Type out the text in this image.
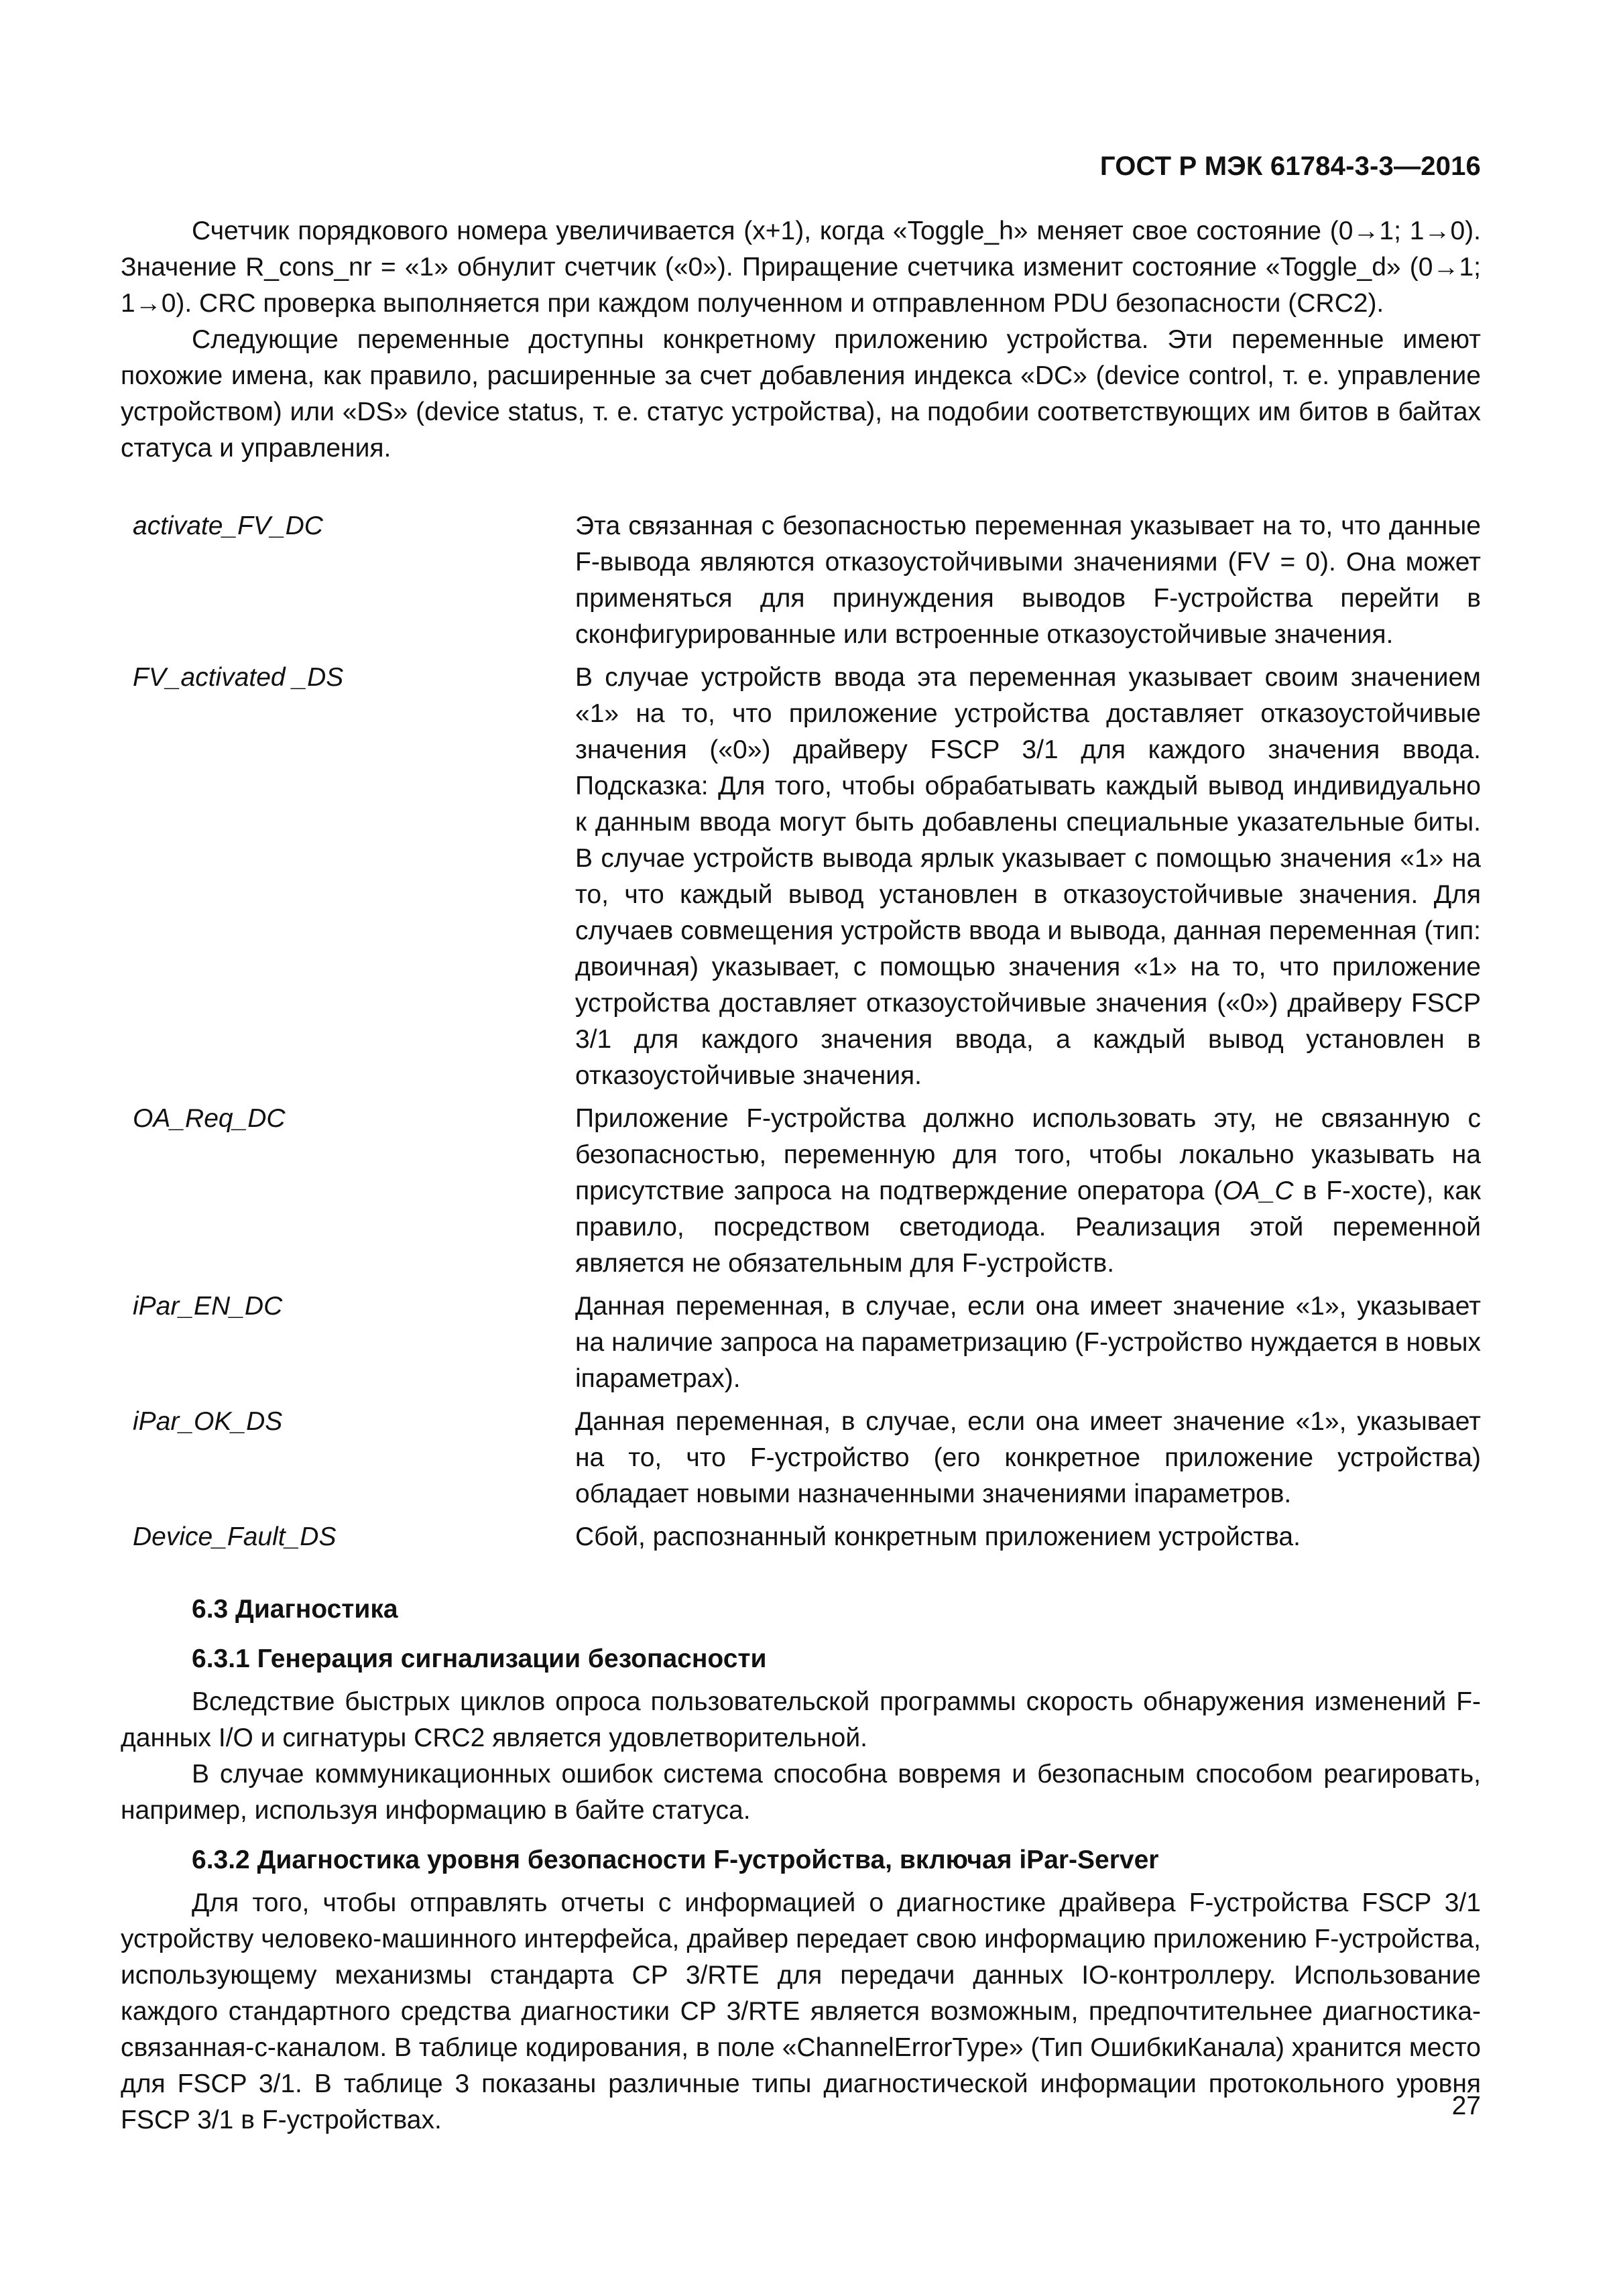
ГОСТ Р МЭК 61784-3-3—2016

Счетчик порядкового номера увеличивается (x+1), когда «Toggle_h» меняет свое состояние (0→1; 1→0). Значение R_cons_nr = «1» обнулит счетчик («0»). Приращение счетчика изменит состояние «Toggle_d» (0→1; 1→0). CRC проверка выполняется при каждом полученном и отправленном PDU безопасности (CRC2).

Следующие переменные доступны конкретному приложению устройства. Эти переменные имеют похожие имена, как правило, расширенные за счет добавления индекса «DC» (device control, т. е. управление устройством) или «DS» (device status, т. е. статус устройства), на подобии соответствующих им битов в байтах статуса и управления.

activate_FV_DC	Эта связанная с безопасностью переменная указывает на то, что данные F-вывода являются отказоустойчивыми значениями (FV = 0). Она может применяться для принуждения выводов F-устройства перейти в сконфигурированные или встроенные отказоустойчивые значения.
FV_activated _DS	В случае устройств ввода эта переменная указывает своим значением «1» на то, что приложение устройства доставляет отказоустойчивые значения («0») драйверу FSCP 3/1 для каждого значения ввода. Подсказка: Для того, чтобы обрабатывать каждый вывод индивидуально к данным ввода могут быть добавлены специальные указательные биты. В случае устройств вывода ярлык указывает с помощью значения «1» на то, что каждый вывод установлен в отказоустойчивые значения. Для случаев совмещения устройств ввода и вывода, данная переменная (тип: двоичная) указывает, с помощью значения «1» на то, что приложение устройства доставляет отказоустойчивые значения («0») драйверу FSCP 3/1 для каждого значения ввода, а каждый вывод установлен в отказоустойчивые значения.
OA_Req_DC	Приложение F-устройства должно использовать эту, не связанную с безопасностью, переменную для того, чтобы локально указывать на присутствие запроса на подтверждение оператора (OA_C в F-хосте), как правило, посредством светодиода. Реализация этой переменной является не обязательным для F-устройств.
iPar_EN_DC	Данная переменная, в случае, если она имеет значение «1», указывает на наличие запроса на параметризацию (F-устройство нуждается в новых iпараметрах).
iPar_OK_DS	Данная переменная, в случае, если она имеет значение «1», указывает на то, что F-устройство (его конкретное приложение устройства) обладает новыми назначенными значениями iпараметров.
Device_Fault_DS	Сбой, распознанный конкретным приложением устройства.
6.3 Диагностика
6.3.1 Генерация сигнализации безопасности

Вследствие быстрых циклов опроса пользовательской программы скорость обнаружения изменений F-данных I/O и сигнатуры CRC2 является удовлетворительной.

В случае коммуникационных ошибок система способна вовремя и безопасным способом реагировать, например, используя информацию в байте статуса.

6.3.2 Диагностика уровня безопасности F-устройства, включая iPar-Server

Для того, чтобы отправлять отчеты с информацией о диагностике драйвера F-устройства FSCP 3/1 устройству человеко-машинного интерфейса, драйвер передает свою информацию приложению F-устройства, использующему механизмы стандарта CP 3/RTE для передачи данных IO-контроллеру. Использование каждого стандартного средства диагностики CP 3/RTE является возможным, предпочтительнее диагностика-связанная-с-каналом. В таблице кодирования, в поле «ChannelErrorType» (Тип ОшибкиКанала) хранится место для FSCP 3/1. В таблице 3 показаны различные типы диагностической информации протокольного уровня FSCP 3/1 в F-устройствах.	27
